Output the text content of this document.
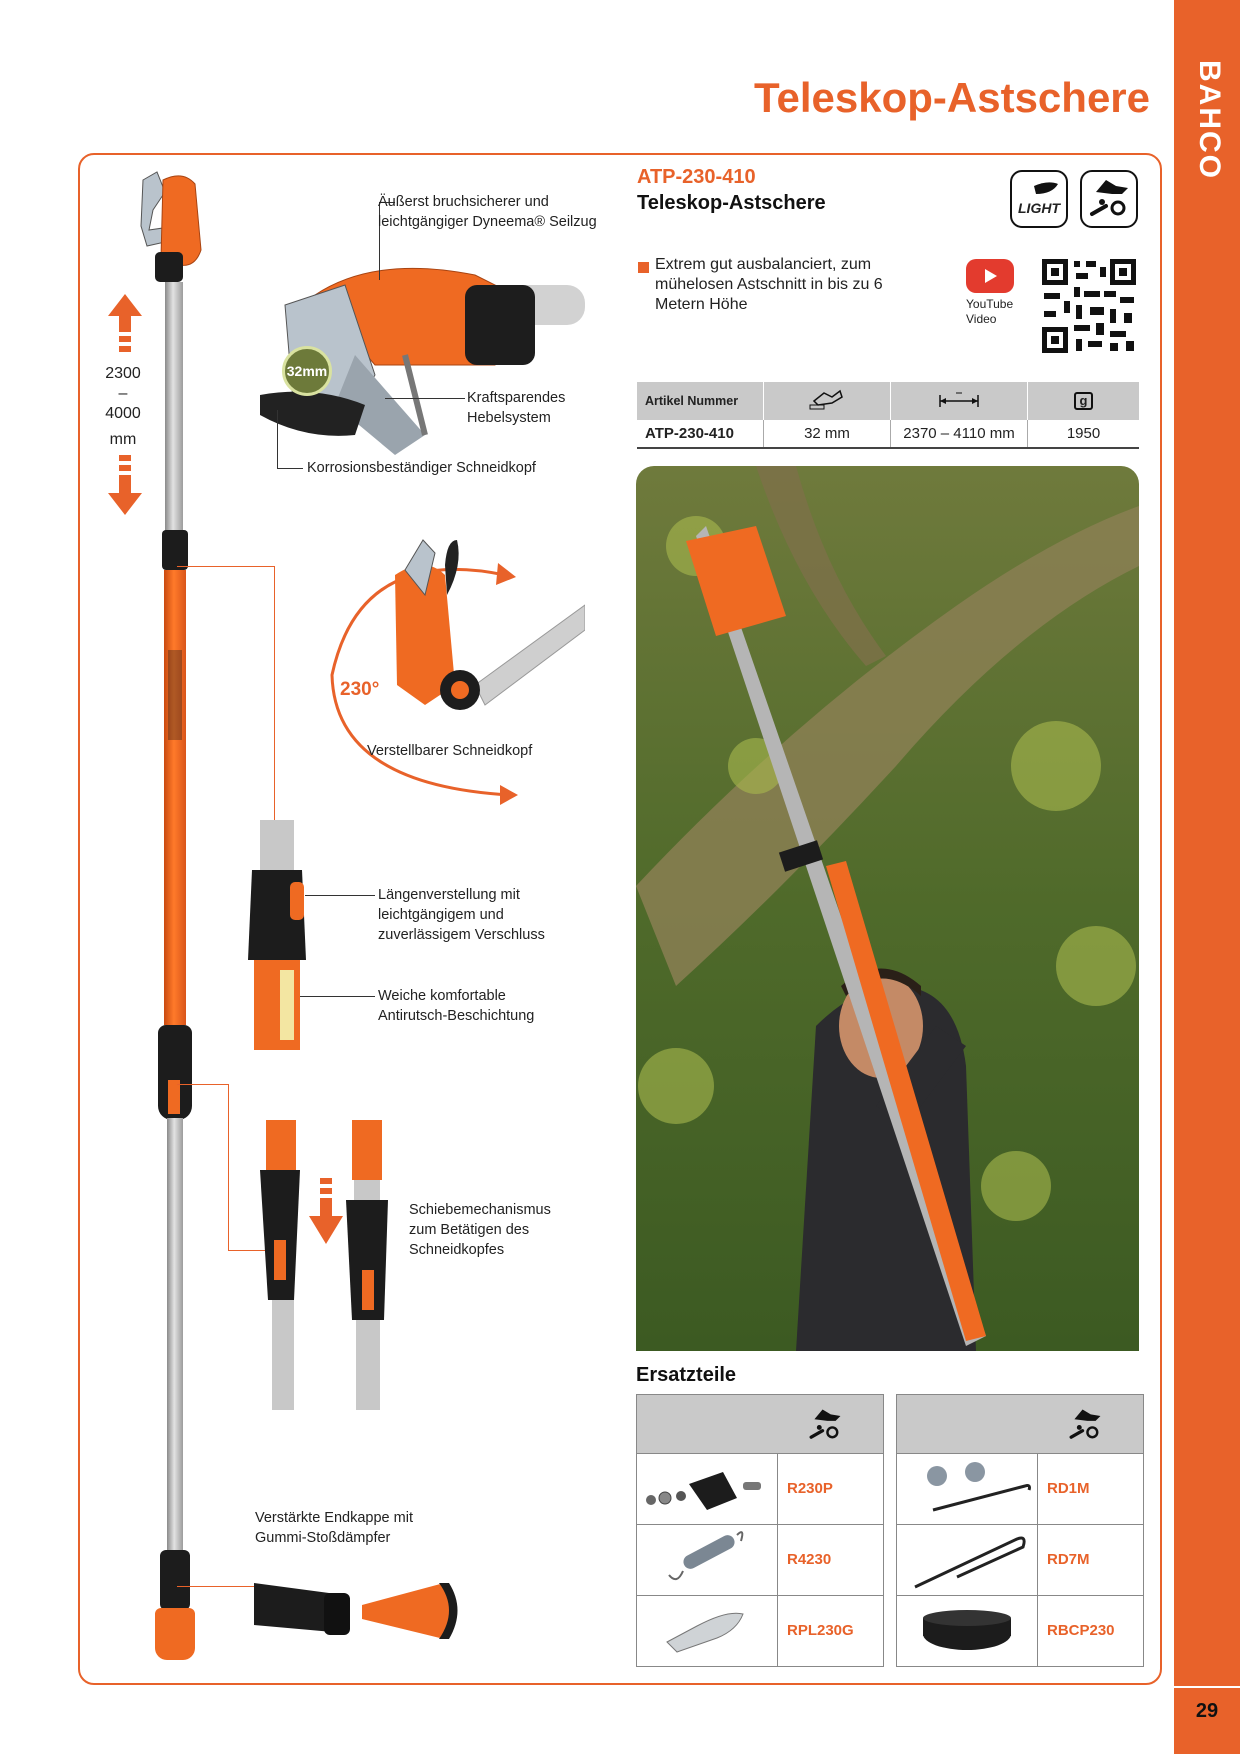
BAHCO
29
Teleskop-Astschere
2300
–
4000
mm
32mm
Äußerst bruchsicherer und leichtgängiger Dyneema® Seilzug
Kraftsparendes Hebelsystem
Korrosionsbeständiger Schneidkopf
230°
Verstellbarer Schneidkopf
Längenverstellung mit leichtgängigem und zuverlässigem Verschluss
Weiche komfortable Antirutsch-Beschichtung
Schiebemechanismus zum Betätigen des Schneidkopfes
Verstärkte Endkappe mit Gummi-Stoßdämpfer
ATP-230-410
Teleskop-Astschere	LIGHT
Extrem gut ausbalanciert, zum mühelosen Astschnitt in bis zu 6 Metern Höhe	YouTube
Video
Artikel Nummer			g
ATP-230-410	32 mm	2370 – 4110 mm	1950
Ersatzteile
R230P
R4230
RPL230G
RD1M
RD7M
RBCP230
